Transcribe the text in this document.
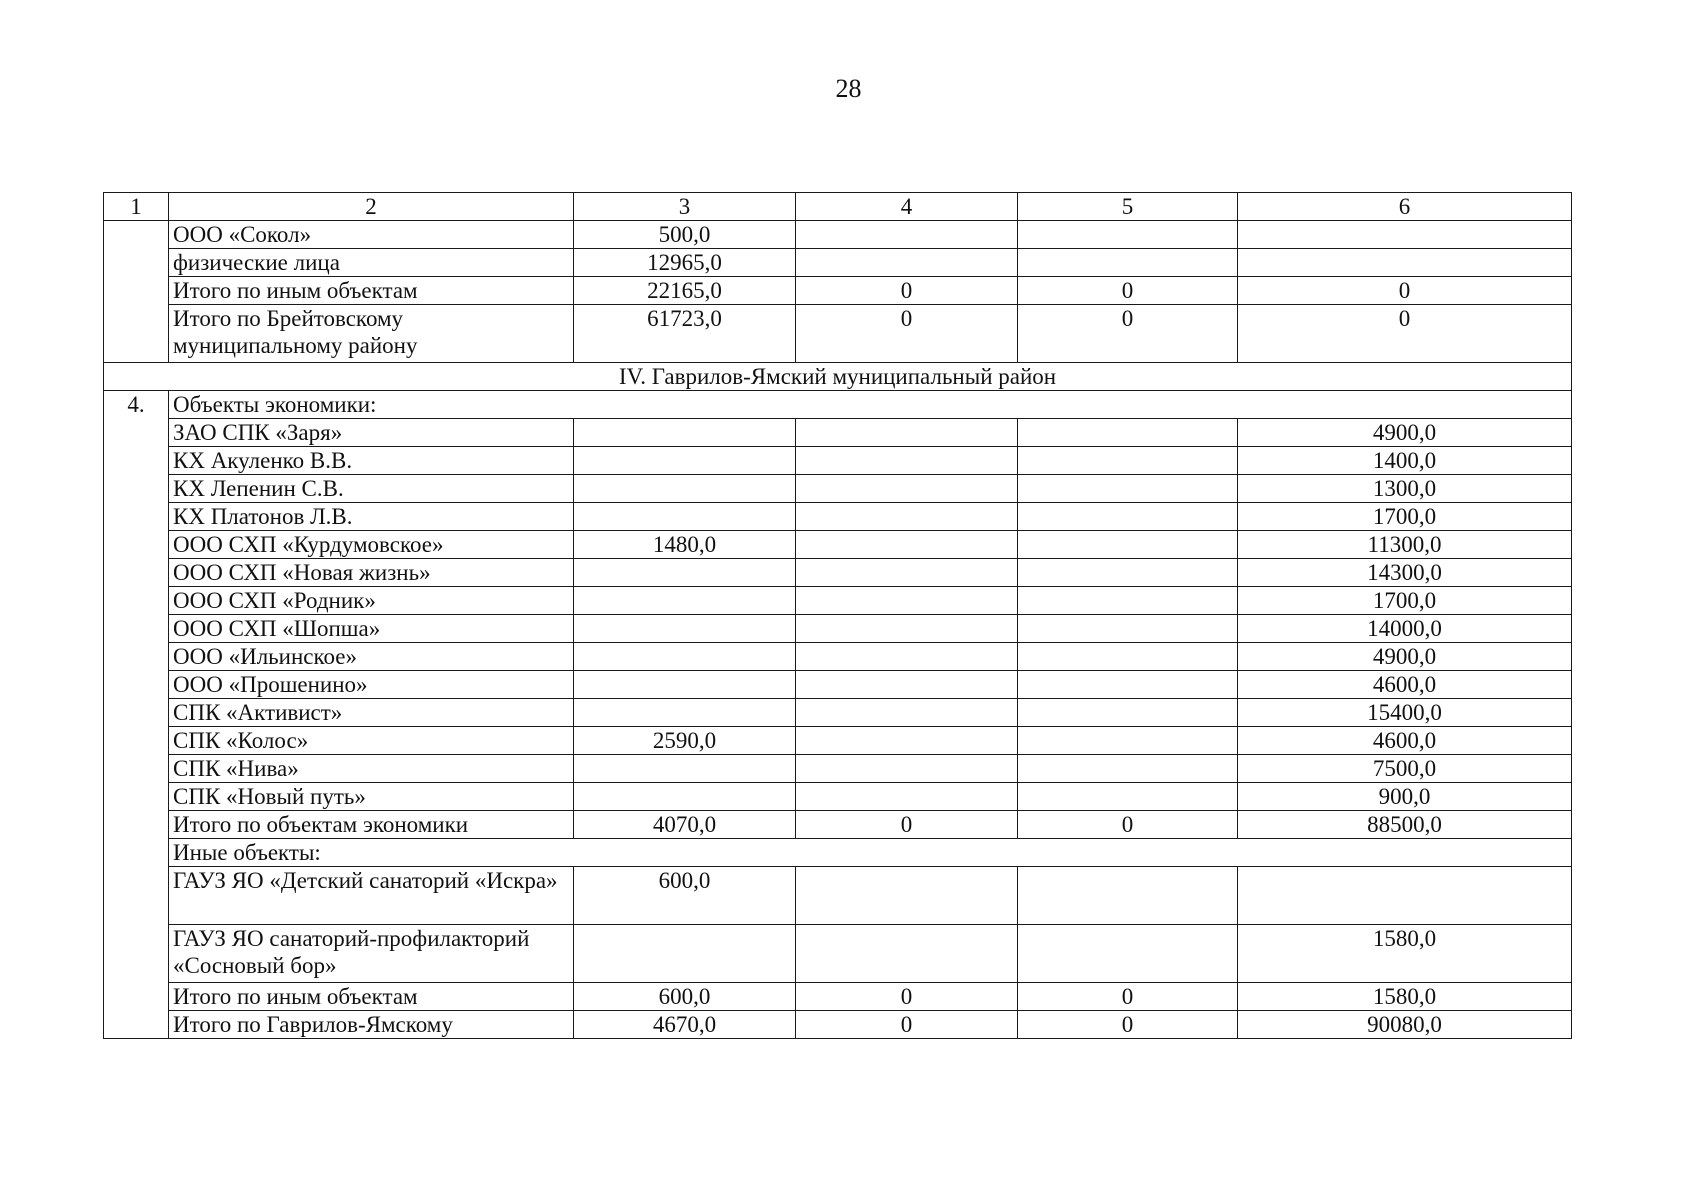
28
1	2	3	4	5	6
	ООО «Сокол»	500,0			
	физические лица	12965,0			
	Итого по иным объектам	22165,0	0	0	0
	Итого по Брейтовскому муниципальному району	61723,0	0	0	0
IV. Гаврилов-Ямский муниципальный район					
4.	Объекты экономики:				
	ЗАО СПК «Заря»				4900,0
	КХ Акуленко В.В.				1400,0
	КХ Лепенин С.В.				1300,0
	КХ Платонов Л.В.				1700,0
	ООО СХП «Курдумовское»	1480,0			11300,0
	ООО СХП «Новая жизнь»				14300,0
	ООО СХП «Родник»				1700,0
	ООО СХП «Шопша»				14000,0
	ООО «Ильинское»				4900,0
	ООО «Прошенино»				4600,0
	СПК «Активист»				15400,0
	СПК «Колос»	2590,0			4600,0
	СПК «Нива»				7500,0
	СПК «Новый путь»				900,0
	Итого по объектам экономики	4070,0	0	0	88500,0
	Иные объекты:				
	ГАУЗ ЯО «Детский санаторий «Искра»	600,0			
	ГАУЗ ЯО санаторий-профилакторий «Сосновый бор»				1580,0
	Итого по иным объектам	600,0	0	0	1580,0
	Итого по Гаврилов-Ямскому	4670,0	0	0	90080,0
